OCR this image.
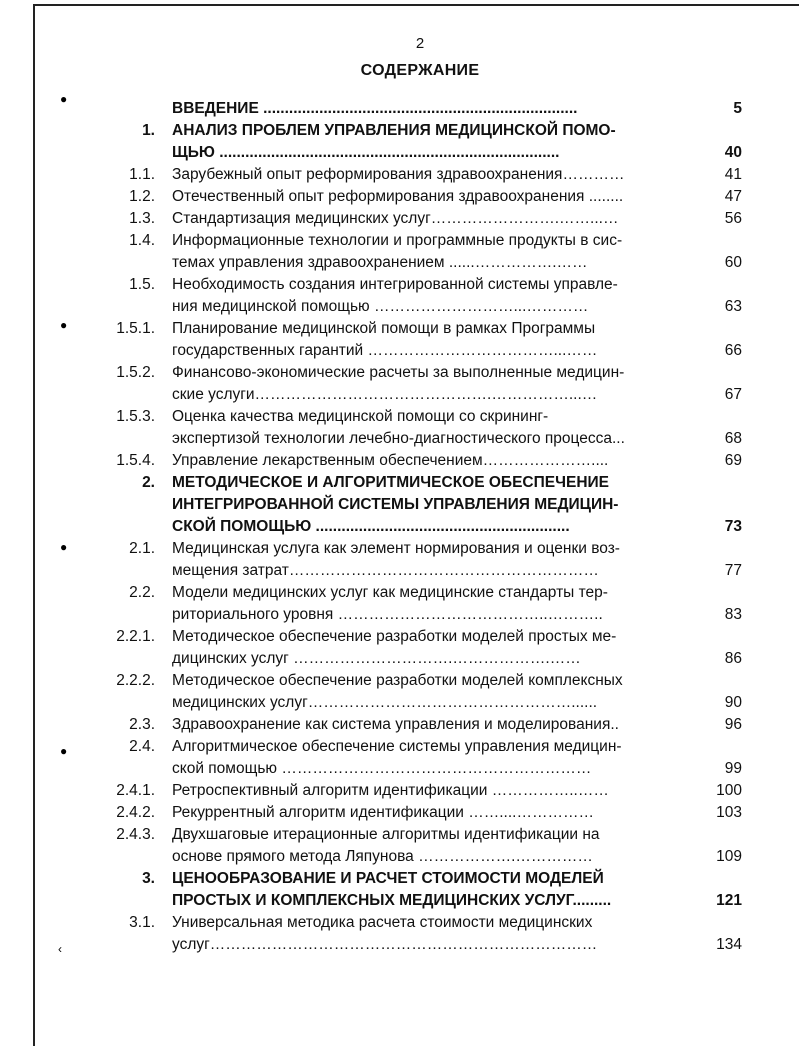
2
СОДЕРЖАНИЕ
ВВЕДЕНИЕ .........................................................................	5
1. АНАЛИЗ ПРОБЛЕМ УПРАВЛЕНИЯ МЕДИЦИНСКОЙ ПОМО-
ЩЬЮ ...............................................................................	40
1.1. Зарубежный опыт реформирования здравоохранения…………	41
1.2. Отечественный опыт реформирования здравоохранения ........	47
1.3. Стандартизация медицинских услуг…………………….……...…	56
1.4. Информационные технологии и программные продукты в сис-
темах управления здравоохранением ......…………….……	60
1.5. Необходимость создания интегрированной системы управле-
ния медицинской помощью ………………………...…………	63
1.5.1. Планирование медицинской помощи в рамках Программы
государственных гарантий ………………………………...……	66
1.5.2. Финансово-экономические расчеты за выполненные медицин-
ские услуги……………………………………….……………...…	67
1.5.3. Оценка качества медицинской помощи со скрининг-
экспертизой технологии лечебно-диагностического процесса...	68
1.5.4. Управление лекарственным обеспечением…………………....	69
2. МЕТОДИЧЕСКОЕ И АЛГОРИТМИЧЕСКОЕ ОБЕСПЕЧЕНИЕ
ИНТЕГРИРОВАННОЙ СИСТЕМЫ УПРАВЛЕНИЯ МЕДИЦИН-
СКОЙ ПОМОЩЬЮ ...........................................................	73
2.1. Медицинская услуга как элемент нормирования и оценки воз-
мещения затрат……………………………………………………	77
2.2. Модели медицинских услуг как медицинские стандарты тер-
риториального уровня …………………………………..………..	83
2.2.1. Методическое обеспечение разработки моделей простых ме-
дицинских услуг ………………………….……………….……	86
2.2.2. Методическое обеспечение разработки моделей комплексных
медицинских услуг……………………………………………......	90
2.3. Здравоохранение как система управления и моделирования..	96
2.4. Алгоритмическое обеспечение системы управления медицин-
ской помощью ……………………………………………………	99
2.4.1. Ретроспективный алгоритм идентификации ……………..……	100
2.4.2. Рекуррентный алгоритм идентификации ……....……………	103
2.4.3. Двухшаговые итерационные алгоритмы идентификации на
основе прямого метода Ляпунова ……………….……………	109
3. ЦЕНООБРАЗОВАНИЕ И РАСЧЕТ СТОИМОСТИ МОДЕЛЕЙ
ПРОСТЫХ И КОМПЛЕКСНЫХ МЕДИЦИНСКИХ УСЛУГ.........	121
3.1. Универсальная методика расчета стоимости медицинских
услуг…………………………………………………………………	134
●
●
●
●
‹
